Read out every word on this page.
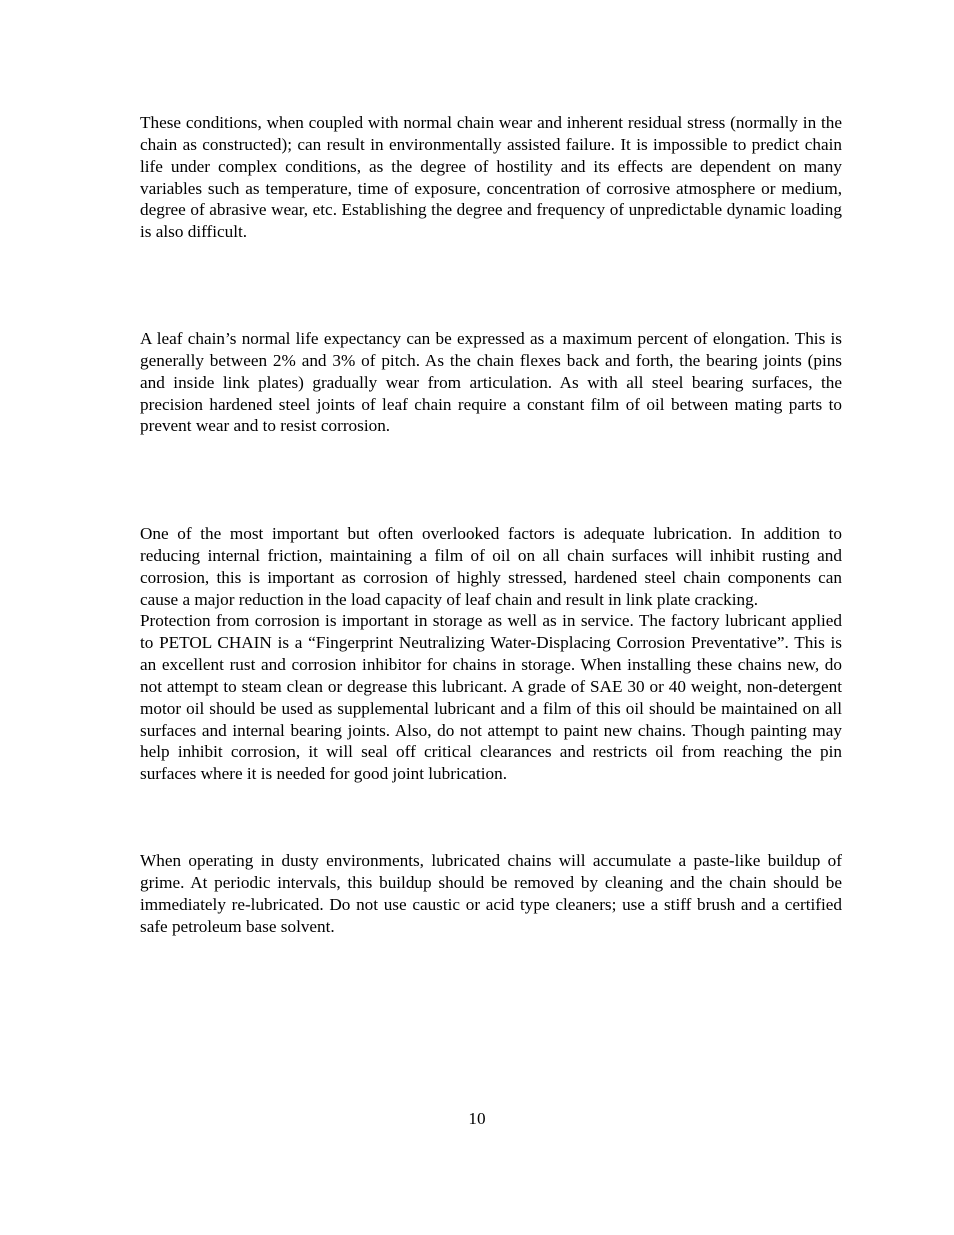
These conditions, when coupled with normal chain wear and inherent residual stress (normally in the chain as constructed); can result in environmentally assisted failure. It is impossible to predict chain life under complex conditions, as the degree of hostility and its effects are dependent on many variables such as temperature, time of exposure, concentration of corrosive atmosphere or medium, degree of abrasive wear, etc. Establishing the degree and frequency of unpredictable dynamic loading is also difficult.

A leaf chain’s normal life expectancy can be expressed as a maximum percent of elongation. This is generally between 2% and 3% of pitch. As the chain flexes back and forth, the bearing joints (pins and inside link plates) gradually wear from articulation. As with all steel bearing surfaces, the precision hardened steel joints of leaf chain require a constant film of oil between mating parts to prevent wear and to resist corrosion.

One of the most important but often overlooked factors is adequate lubrication. In addition to reducing internal friction, maintaining a film of oil on all chain surfaces will inhibit rusting and corrosion, this is important as corrosion of highly stressed, hardened steel chain components can cause a major reduction in the load capacity of leaf chain and result in link plate cracking.

Protection from corrosion is important in storage as well as in service. The factory lubricant applied to PETOL CHAIN is a “Fingerprint Neutralizing Water-Displacing Corrosion Preventative”. This is an excellent rust and corrosion inhibitor for chains in storage. When installing these chains new, do not attempt to steam clean or degrease this lubricant. A grade of SAE 30 or 40 weight, non-detergent motor oil should be used as supplemental lubricant and a film of this oil should be maintained on all surfaces and internal bearing joints. Also, do not attempt to paint new chains. Though painting may help inhibit corrosion, it will seal off critical clearances and restricts oil from reaching the pin surfaces where it is needed for good joint lubrication.

When operating in dusty environments, lubricated chains will accumulate a paste-like buildup of grime. At periodic intervals, this buildup should be removed by cleaning and the chain should be immediately re-lubricated. Do not use caustic or acid type cleaners; use a stiff brush and a certified safe petroleum base solvent.

10
